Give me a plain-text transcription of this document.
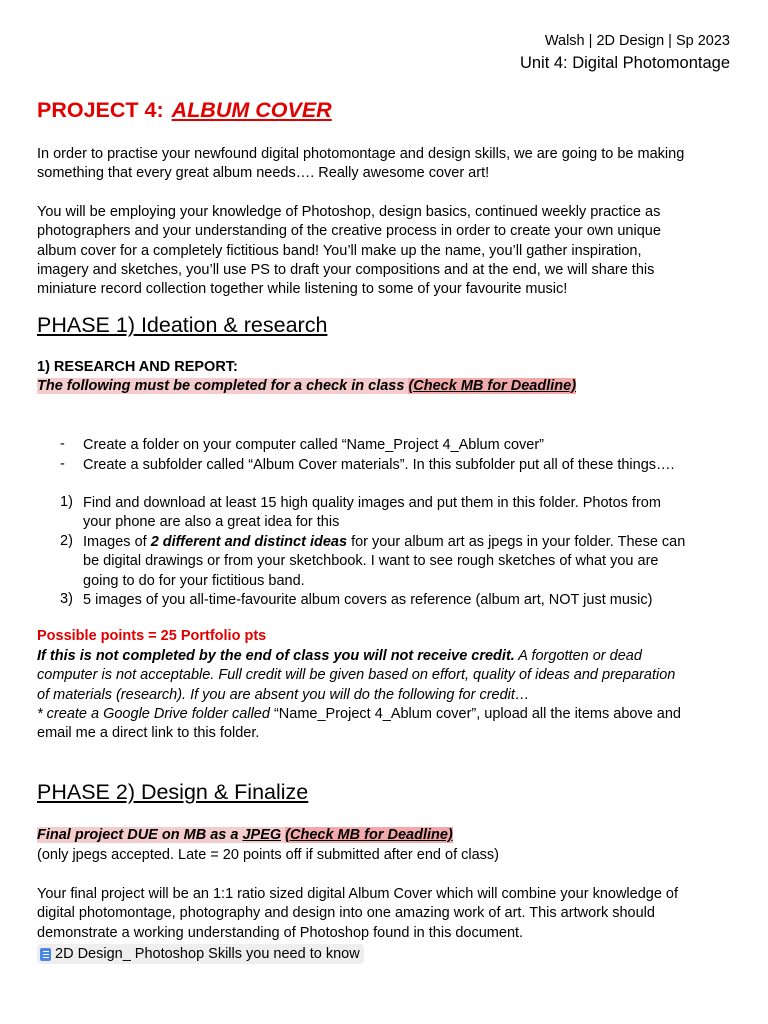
Walsh | 2D Design | Sp 2023
Unit 4: Digital Photomontage
PROJECT 4: ALBUM COVER
In order to practise your newfound digital photomontage and design skills, we are going to be making
something that every great album needs…. Really awesome cover art!
You will be employing your knowledge of Photoshop, design basics, continued weekly practice as
photographers and your understanding of the creative process in order to create your own unique
album cover for a completely fictitious band! You’ll make up the name, you’ll gather inspiration,
imagery and sketches, you’ll use PS to draft your compositions and at the end, we will share this
miniature record collection together while listening to some of your favourite music!
PHASE 1) Ideation & research
1) RESEARCH AND REPORT:
The following must be completed for a check in class (Check MB for Deadline)
- Create a folder on your computer called “Name_Project 4_Ablum cover”
- Create a subfolder called “Album Cover materials”. In this subfolder put all of these things….
1) Find and download at least 15 high quality images and put them in this folder. Photos from
your phone are also a great idea for this
2) Images of 2 different and distinct ideas for your album art as jpegs in your folder. These can
be digital drawings or from your sketchbook. I want to see rough sketches of what you are
going to do for your fictitious band.
3) 5 images of you all-time-favourite album covers as reference (album art, NOT just music)
Possible points = 25 Portfolio pts
If this is not completed by the end of class you will not receive credit. A forgotten or dead
computer is not acceptable. Full credit will be given based on effort, quality of ideas and preparation
of materials (research). If you are absent you will do the following for credit…
* create a Google Drive folder called “Name_Project 4_Ablum cover”, upload all the items above and
email me a direct link to this folder.
PHASE 2) Design & Finalize
Final project DUE on MB as a JPEG (Check MB for Deadline)
(only jpegs accepted. Late = 20 points off if submitted after end of class)
Your final project will be an 1:1 ratio sized digital Album Cover which will combine your knowledge of
digital photomontage, photography and design into one amazing work of art. This artwork should
demonstrate a working understanding of Photoshop found in this document.
2D Design_ Photoshop Skills you need to know
